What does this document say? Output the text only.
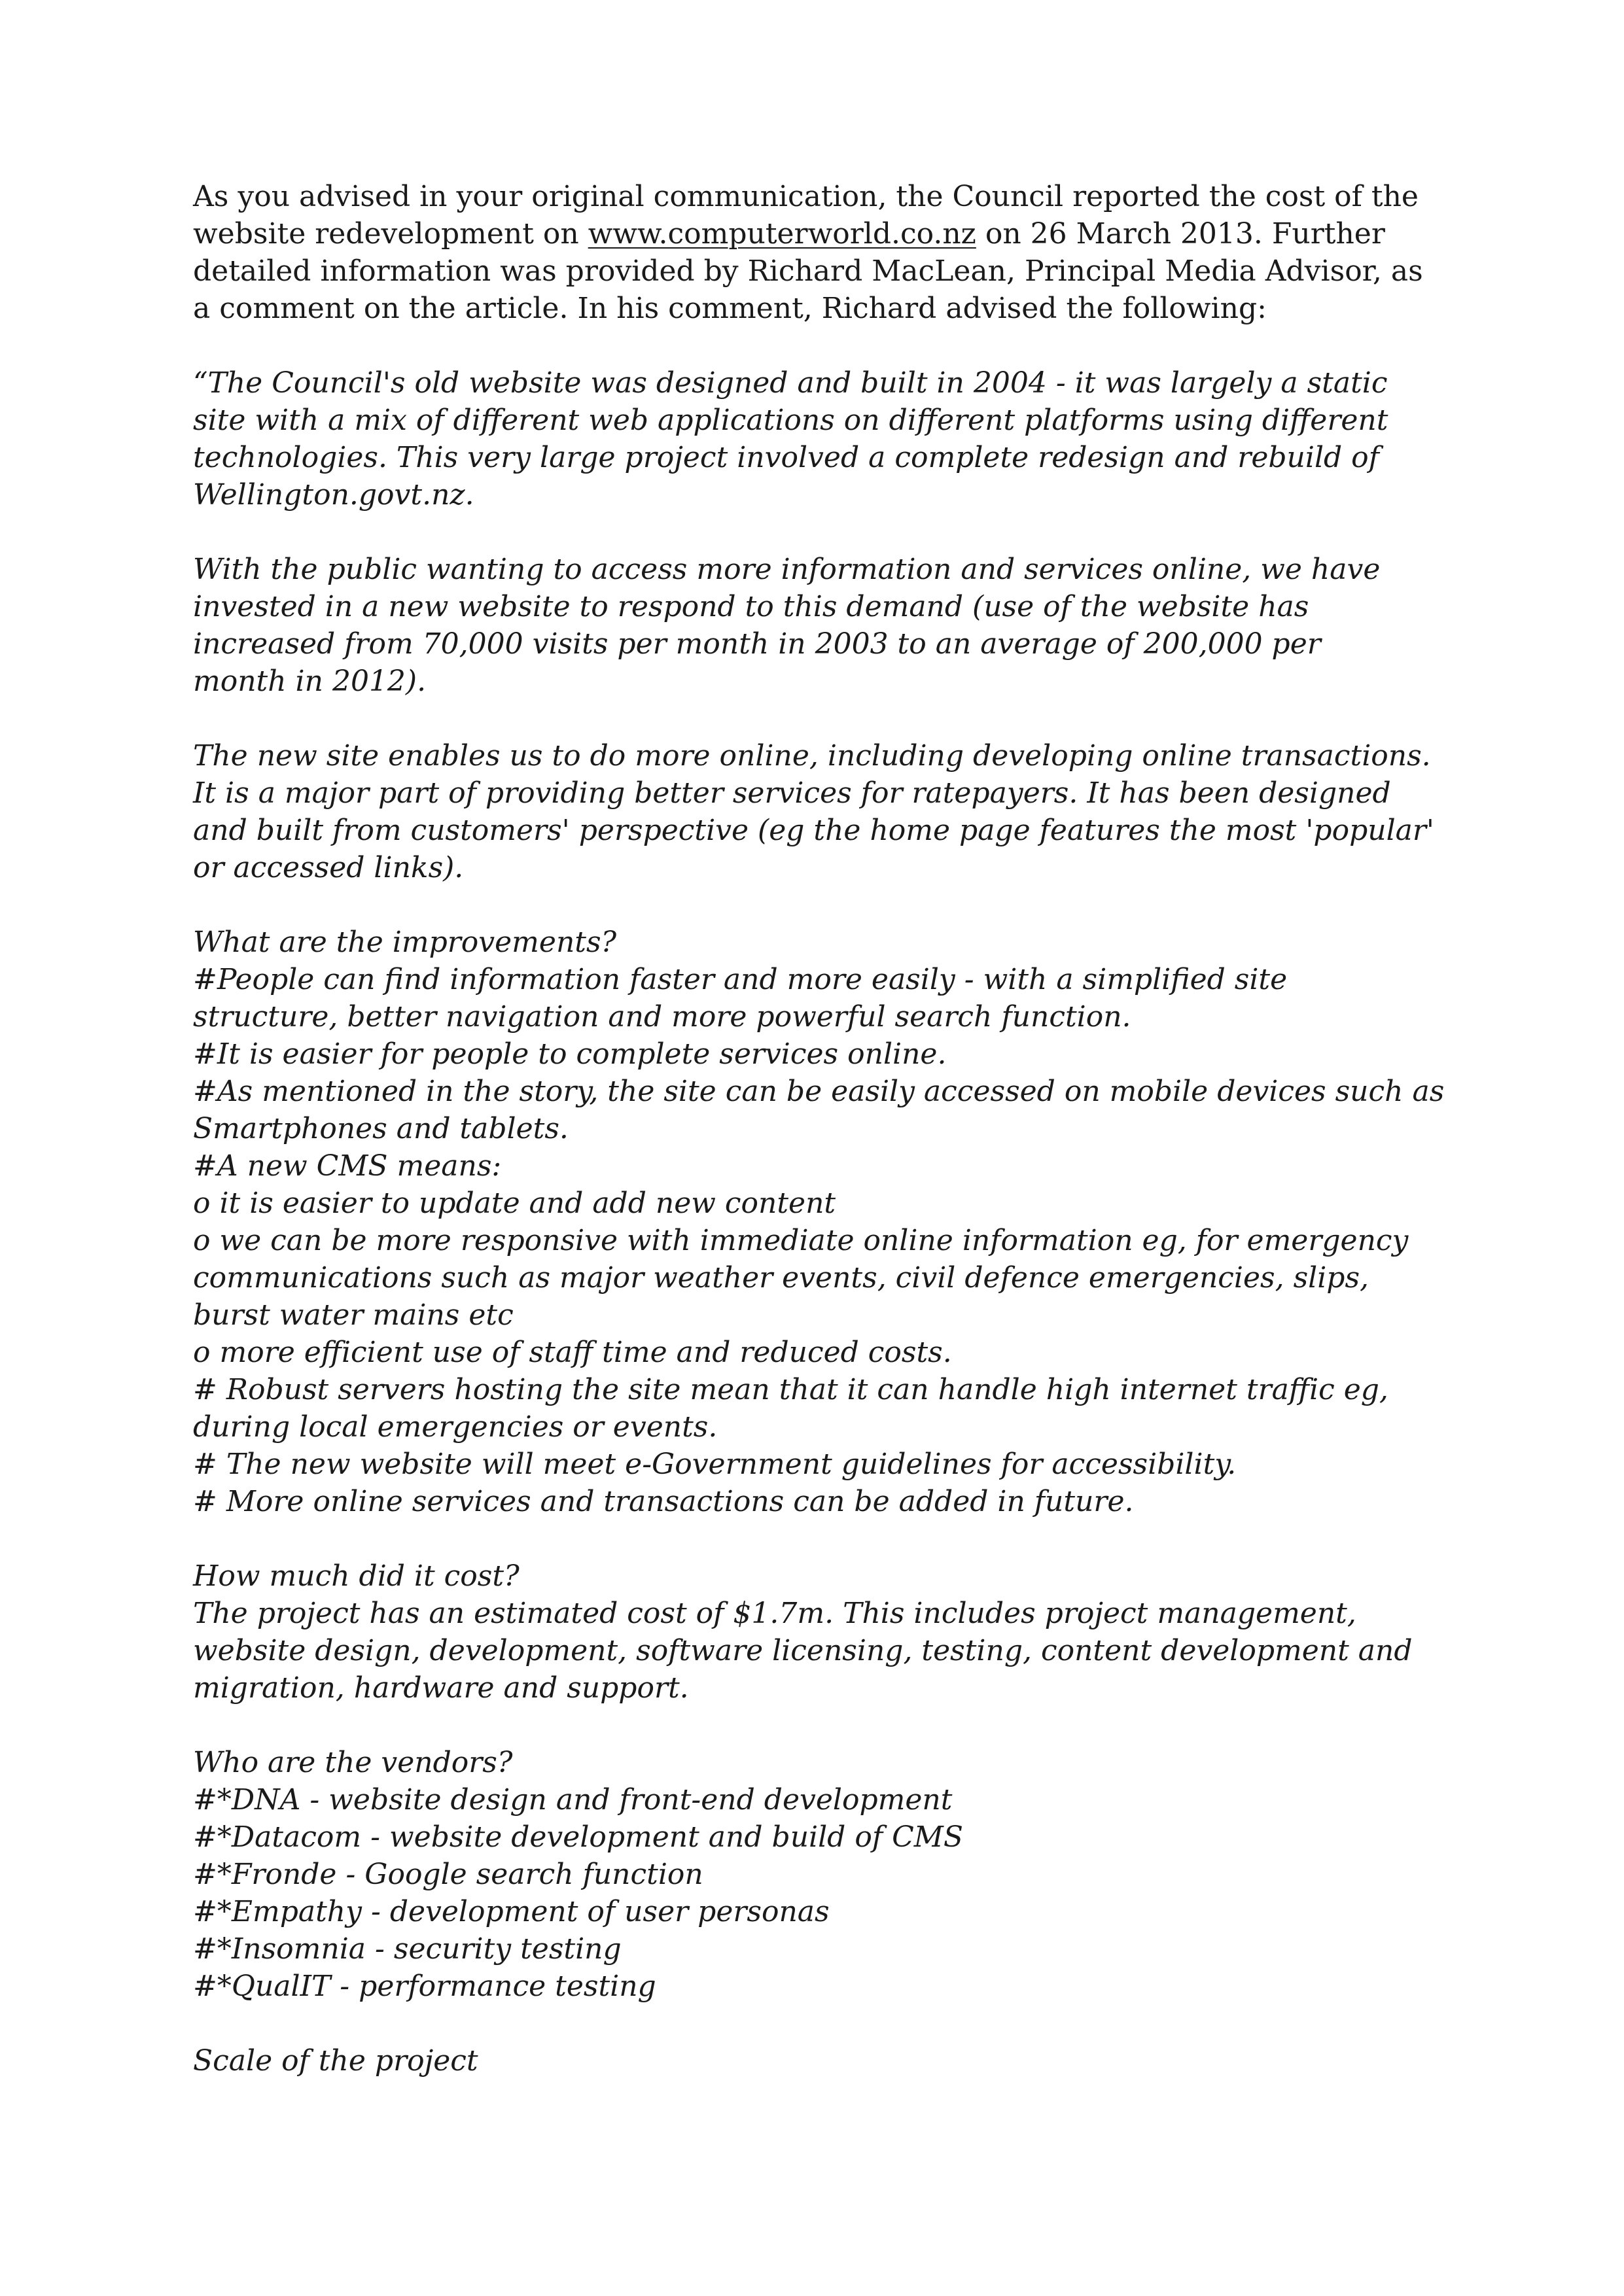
As you advised in your original communication, the Council reported the cost of the
website redevelopment on www.computerworld.co.nz on 26 March 2013. Further
detailed information was provided by Richard MacLean, Principal Media Advisor, as
a comment on the article. In his comment, Richard advised the following:
“The Council's old website was designed and built in 2004 - it was largely a static
site with a mix of different web applications on different platforms using different
technologies. This very large project involved a complete redesign and rebuild of
Wellington.govt.nz.
With the public wanting to access more information and services online, we have
invested in a new website to respond to this demand (use of the website has
increased from 70,000 visits per month in 2003 to an average of 200,000 per
month in 2012).
The new site enables us to do more online, including developing online transactions.
It is a major part of providing better services for ratepayers. It has been designed
and built from customers' perspective (eg the home page features the most 'popular'
or accessed links).
What are the improvements?
#People can find information faster and more easily - with a simplified site
structure, better navigation and more powerful search function.
#It is easier for people to complete services online.
#As mentioned in the story, the site can be easily accessed on mobile devices such as
Smartphones and tablets.
#A new CMS means:
o it is easier to update and add new content
o we can be more responsive with immediate online information eg, for emergency
communications such as major weather events, civil defence emergencies, slips,
burst water mains etc
o more efficient use of staff time and reduced costs.
# Robust servers hosting the site mean that it can handle high internet traffic eg,
during local emergencies or events.
# The new website will meet e-Government guidelines for accessibility.
# More online services and transactions can be added in future.
How much did it cost?
The project has an estimated cost of $1.7m. This includes project management,
website design, development, software licensing, testing, content development and
migration, hardware and support.
Who are the vendors?
#*DNA - website design and front-end development
#*Datacom - website development and build of CMS
#*Fronde - Google search function
#*Empathy - development of user personas
#*Insomnia - security testing
#*QualIT - performance testing
Scale of the project
